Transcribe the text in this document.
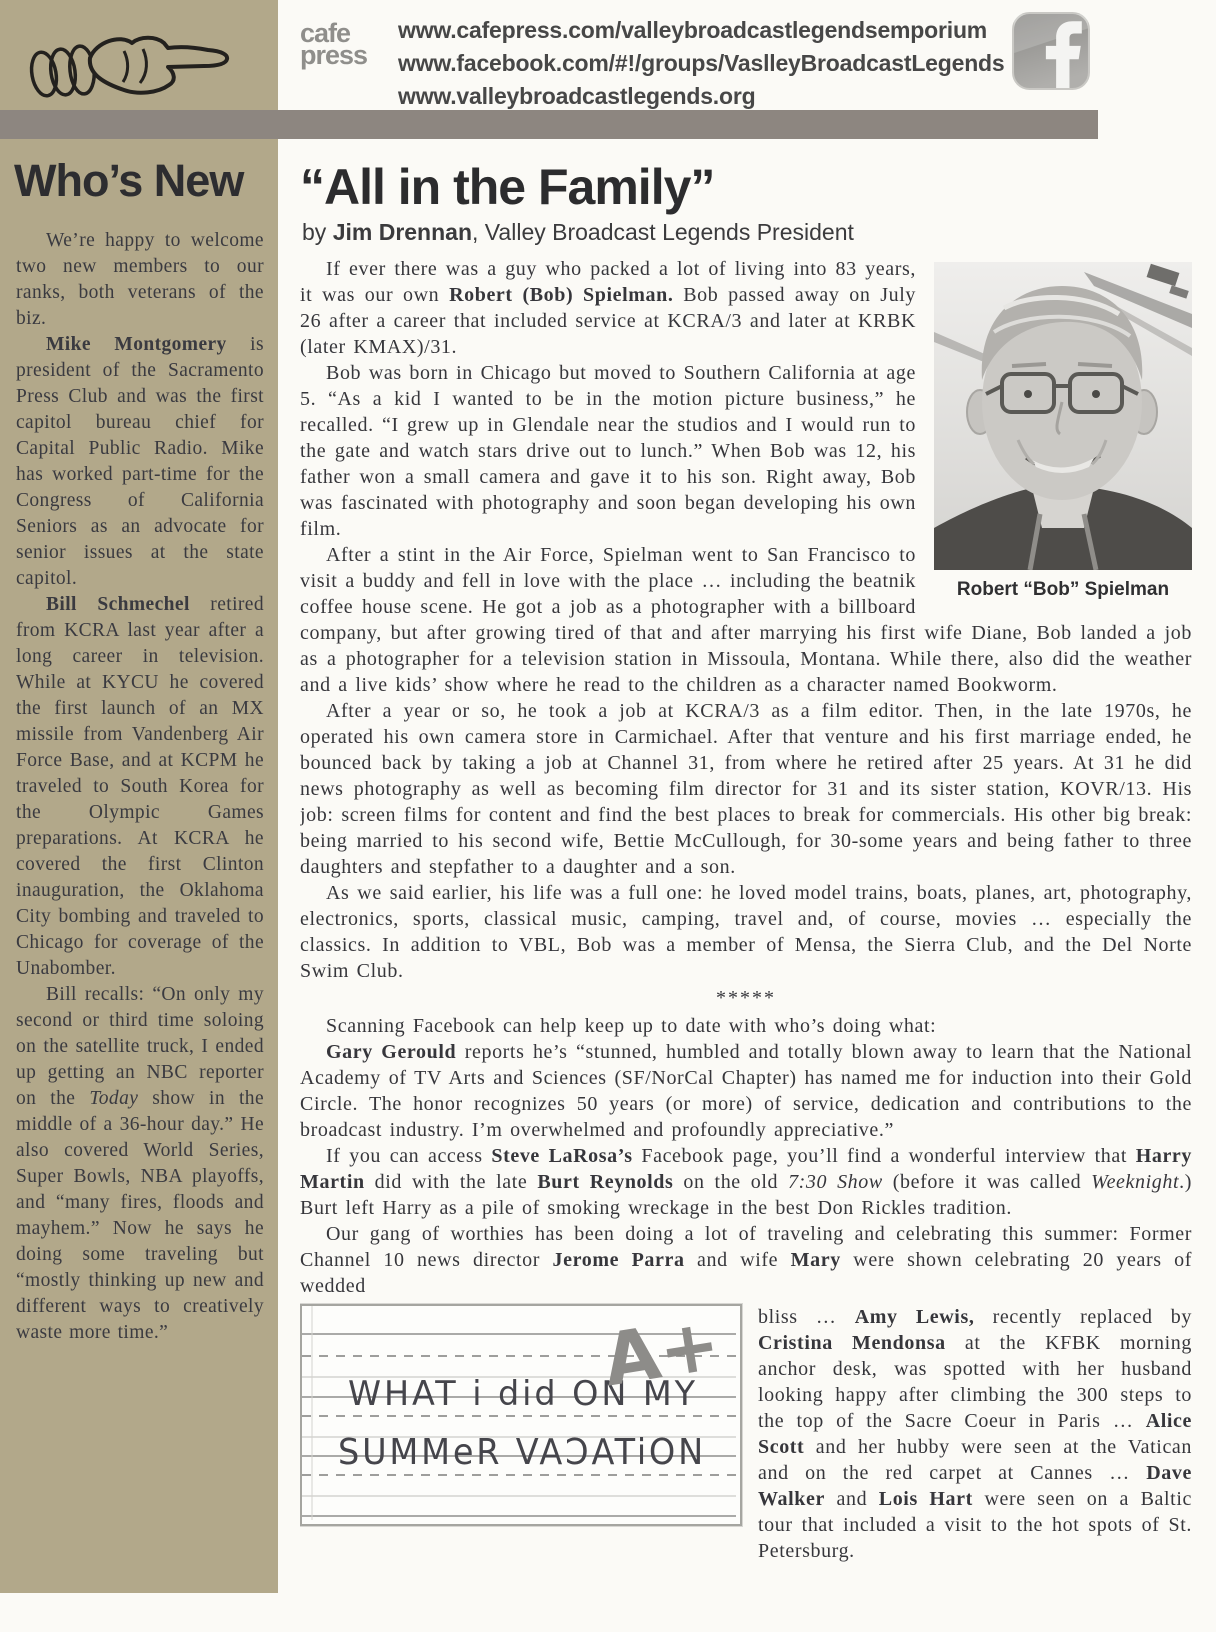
cafe
press
www.cafepress.com/valleybroadcastlegendsemporium
www.facebook.com/#!/groups/VaslleyBroadcastLegends
www.valleybroadcastlegends.org
Who’s New

We’re happy to welcome two new members to our ranks, both veterans of the biz.

Mike Montgomery is president of the Sacramento Press Club and was the first capitol bureau chief for Capital Public Radio. Mike has worked part-time for the Congress of California Seniors as an advocate for senior issues at the state capitol.

Bill Schmechel retired from KCRA last year after a long career in television. While at KYCU he covered the first launch of an MX missile from Vandenberg Air Force Base, and at KCPM he traveled to South Korea for the Olympic Games preparations. At KCRA he covered the first Clinton inauguration, the Oklahoma City bombing and traveled to Chicago for coverage of the Unabomber.

Bill recalls: “On only my second or third time soloing on the satellite truck, I ended up getting an NBC reporter on the Today show in the middle of a 36-hour day.” He also covered World Series, Super Bowls, NBA playoffs, and “many fires, floods and mayhem.” Now he says he doing some traveling but “mostly thinking up new and different ways to creatively waste more time.”

“All in the Family”
by Jim Drennan, Valley Broadcast Legends President
Robert “Bob” Spielman

If ever there was a guy who packed a lot of living into 83 years, it was our own Robert (Bob) Spielman. Bob passed away on July 26 after a career that included service at KCRA/3 and later at KRBK (later KMAX)/31.

Bob was born in Chicago but moved to Southern California at age 5. “As a kid I wanted to be in the motion picture business,” he recalled. “I grew up in Glendale near the studios and I would run to the gate and watch stars drive out to lunch.” When Bob was 12, his father won a small camera and gave it to his son. Right away, Bob was fascinated with photography and soon began developing his own film.

After a stint in the Air Force, Spielman went to San Francisco to visit a buddy and fell in love with the place … including the beatnik coffee house scene. He got a job as a photographer with a billboard company, but after growing tired of that and after marrying his first wife Diane, Bob landed a job as a photographer for a television station in Missoula, Montana. While there, also did the weather and a live kids’ show where he read to the children as a character named Bookworm.

After a year or so, he took a job at KCRA/3 as a film editor. Then, in the late 1970s, he operated his own camera store in Carmichael. After that venture and his first marriage ended, he bounced back by taking a job at Channel 31, from where he retired after 25 years. At 31 he did news photography as well as becoming film director for 31 and its sister station, KOVR/13. His job: screen films for content and find the best places to break for commercials. His other big break: being married to his second wife, Bettie McCullough, for 30-some years and being father to three daughters and stepfather to a daughter and a son.

As we said earlier, his life was a full one: he loved model trains, boats, planes, art, photography, electronics, sports, classical music, camping, travel and, of course, movies … especially the classics. In addition to VBL, Bob was a member of Mensa, the Sierra Club, and the Del Norte Swim Club.

*****

Scanning Facebook can help keep up to date with who’s doing what:

Gary Gerould reports he’s “stunned, humbled and totally blown away to learn that the National Academy of TV Arts and Sciences (SF/NorCal Chapter) has named me for induction into their Gold Circle. The honor recognizes 50 years (or more) of service, dedication and contributions to the broadcast industry. I’m overwhelmed and profoundly appreciative.”

If you can access Steve LaRosa’s Facebook page, you’ll find a wonderful interview that Harry Martin did with the late Burt Reynolds on the old 7:30 Show (before it was called Weeknight.) Burt left Harry as a pile of smoking wreckage in the best Don Rickles tradition.

Our gang of worthies has been doing a lot of traveling and celebrating this summer: Former Channel 10 news director Jerome Parra and wife Mary were shown celebrating 20 years of wedded

WHAT i did ON MY
SUMMeR VAƆATiON
A+ bliss … Amy Lewis, recently replaced by Cristina Mendonsa at the KFBK morning anchor desk, was spotted with her husband looking happy after climbing the 300 steps to the top of the Sacre Coeur in Paris … Alice Scott and her hubby were seen at the Vatican and on the red carpet at Cannes … Dave Walker and Lois Hart were seen on a Baltic tour that included a visit to the hot spots of St. Petersburg.
